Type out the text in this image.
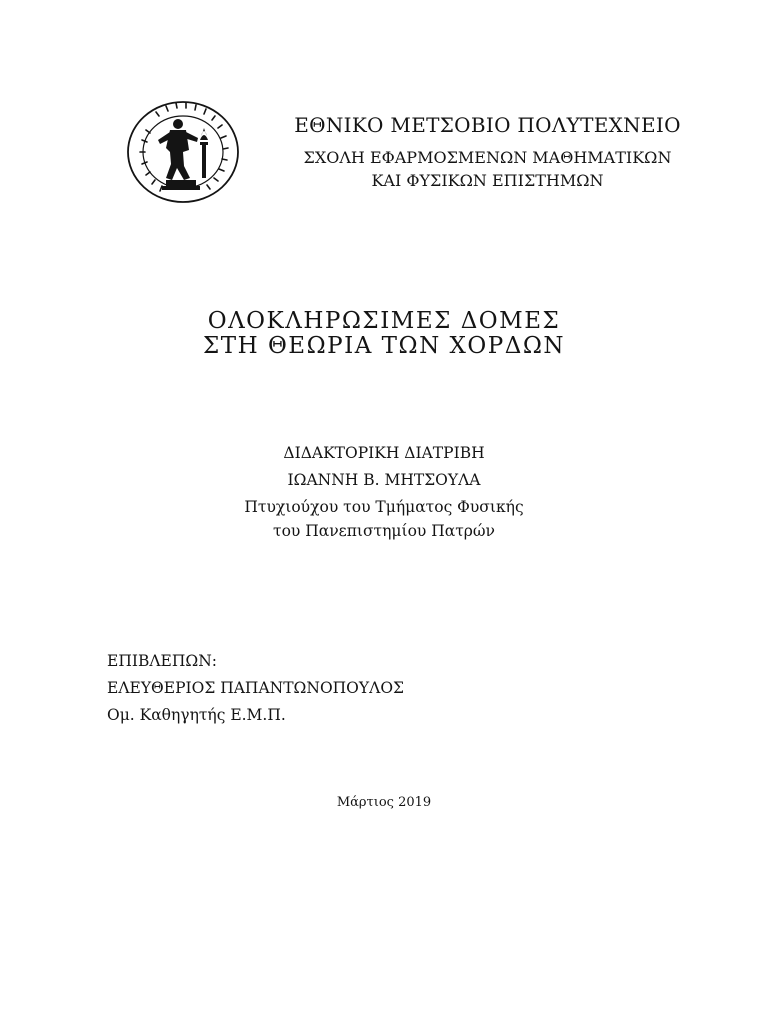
ΕΘΝΙΚΟ ΜΕΤΣΟΒΙΟ ΠΟΛΥΤΕΧΝΕΙΟ
ΣΧΟΛΗ ΕΦΑΡΜΟΣΜΕΝΩΝ ΜΑΘΗΜΑΤΙΚΩΝ
ΚΑΙ ΦΥΣΙΚΩΝ ΕΠΙΣΤΗΜΩΝ
ΟΛΟΚΛΗΡΩΣΙΜΕΣ ΔΟΜΕΣ
ΣΤΗ ΘΕΩΡΙΑ ΤΩΝ ΧΟΡΔΩΝ
ΔΙΔΑΚΤΟΡΙΚΗ ΔΙΑΤΡΙΒΗ
ΙΩΑΝΝΗ Β. ΜΗΤΣΟΥΛΑ
Πτυχιούχου του Τμήματος Φυσικής
του Πανεπιστημίου Πατρών
ΕΠΙΒΛΕΠΩΝ:
ΕΛΕΥΘΕΡΙΟΣ ΠΑΠΑΝΤΩΝΟΠΟΥΛΟΣ
Ομ. Καθηγητής Ε.Μ.Π.
Μάρτιος 2019
